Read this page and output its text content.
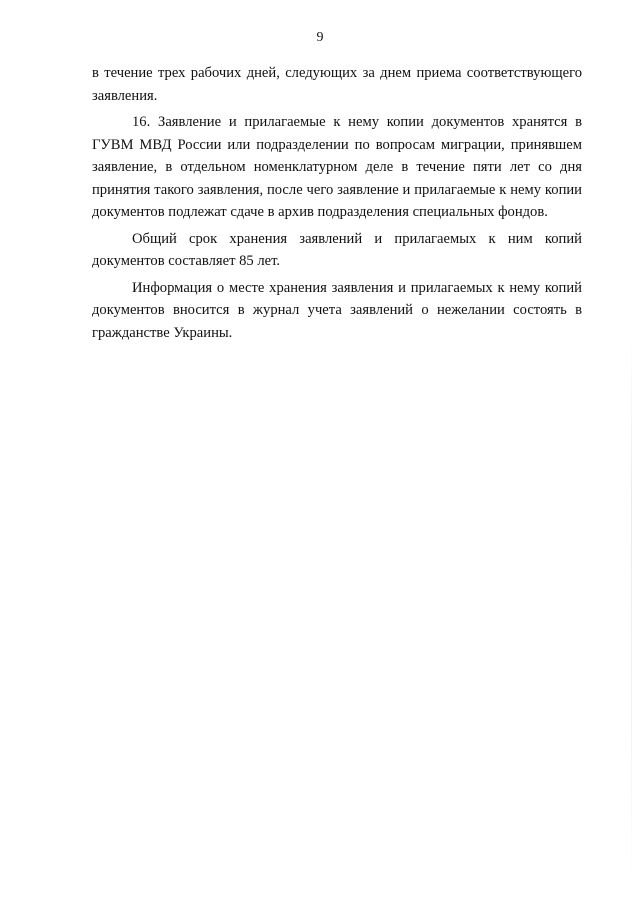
9

в течение трех рабочих дней, следующих за днем приема соответствующего заявления.

16. Заявление и прилагаемые к нему копии документов хранятся в ГУВМ МВД России или подразделении по вопросам миграции, принявшем заявление, в отдельном номенклатурном деле в течение пяти лет со дня принятия такого заявления, после чего заявление и прилагаемые к нему копии документов подлежат сдаче в архив подразделения специальных фондов.

Общий срок хранения заявлений и прилагаемых к ним копий документов составляет 85 лет.

Информация о месте хранения заявления и прилагаемых к нему копий документов вносится в журнал учета заявлений о нежелании состоять в гражданстве Украины.
